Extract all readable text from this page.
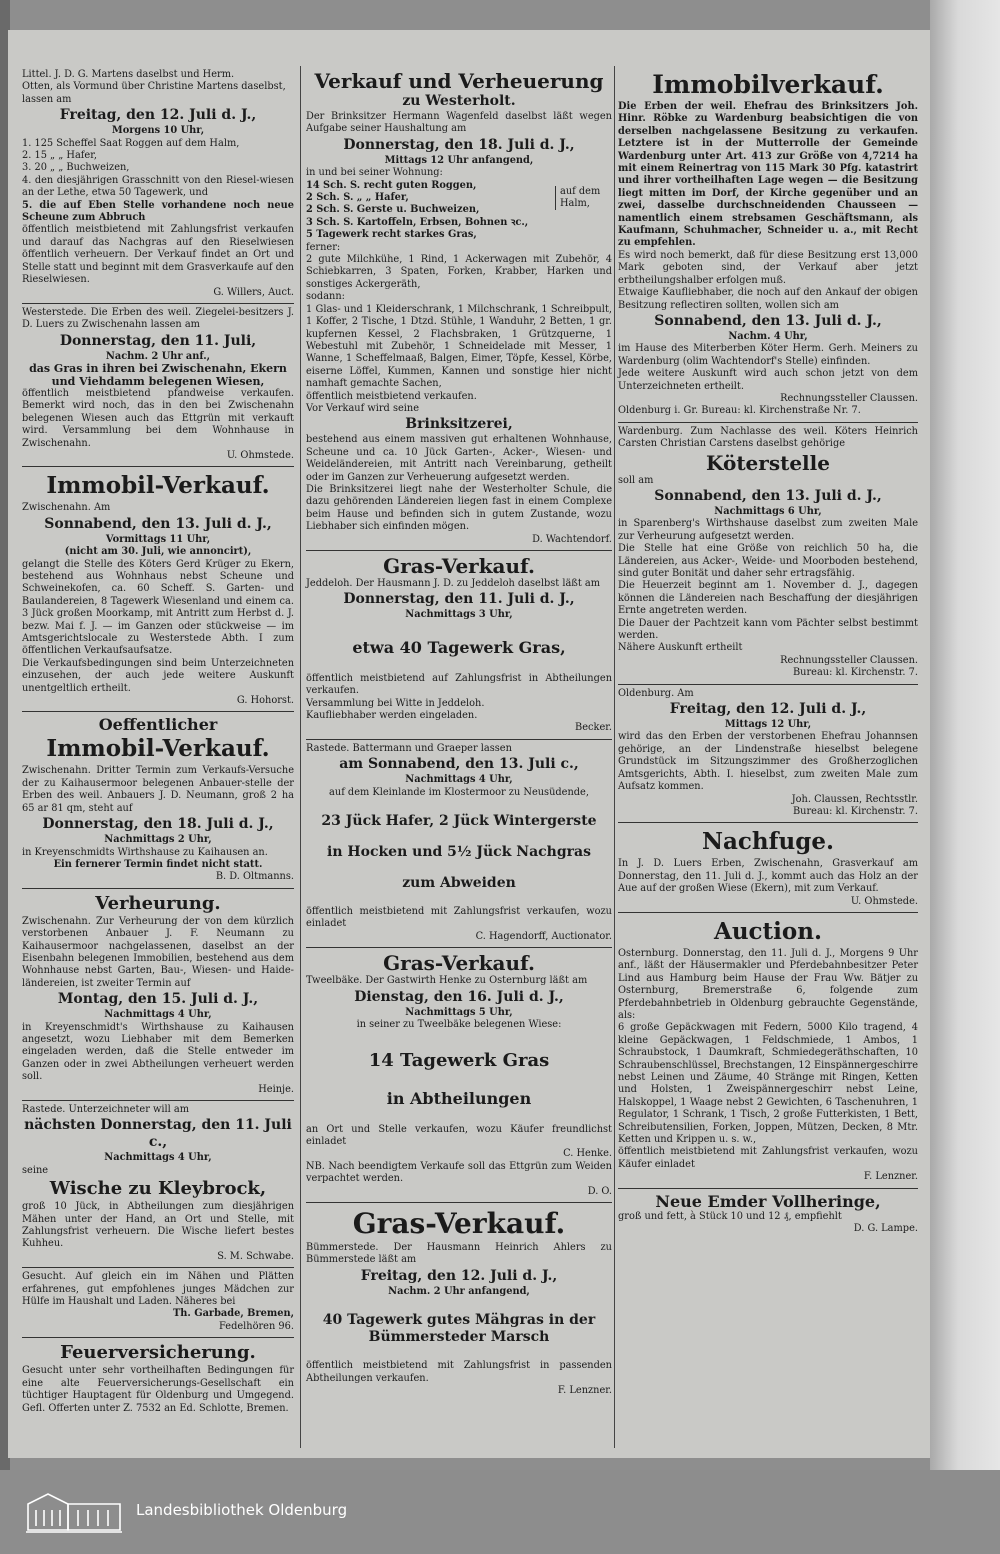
Littel. J. D. G. Martens daselbst und Herm.

Otten, als Vormund über Christine Martens daselbst,

lassen am

Freitag, den 12. Juli d. J.,

Morgens 10 Uhr,

1. 125 Scheffel Saat Roggen auf dem Halm,

2. 15 „ „ Hafer,

3. 20 „ „ Buchweizen,

4. den diesjährigen Grasschnitt von den Riesel-wiesen an der Lethe, etwa 50 Tagewerk, und

5. die auf Eben Stelle vorhandene noch neue Scheune zum Abbruch

öffentlich meistbietend mit Zahlungsfrist verkaufen und darauf das Nachgras auf den Rieselwiesen öffentlich verheuern. Der Verkauf findet an Ort und Stelle statt und beginnt mit dem Grasverkaufe auf den Rieselwiesen.

G. Willers, Auct.

Westerstede. Die Erben des weil. Ziegelei-besitzers J. D. Luers zu Zwischenahn lassen am

Donnerstag, den 11. Juli,

Nachm. 2 Uhr anf.,

das Gras in ihren bei Zwischenahn, Ekern und Viehdamm belegenen Wiesen,

öffentlich meistbietend pfandweise verkaufen. Bemerkt wird noch, das in den bei Zwischenahn belegenen Wiesen auch das Ettgrün mit verkauft wird. Versammlung bei dem Wohnhause in Zwischenahn.

U. Ohmstede.

Immobil-Verkauf.

Zwischenahn. Am

Sonnabend, den 13. Juli d. J.,

Vormittags 11 Uhr,

(nicht am 30. Juli, wie annoncirt),

gelangt die Stelle des Köters Gerd Krüger zu Ekern, bestehend aus Wohnhaus nebst Scheune und Schweinekofen, ca. 60 Scheff. S. Garten- und Baulandereien, 8 Tagewerk Wiesenland und einem ca. 3 Jück großen Moorkamp, mit Antritt zum Herbst d. J. bezw. Mai f. J. — im Ganzen oder stückweise — im Amtsgerichtslocale zu Westerstede Abth. I zum öffentlichen Verkaufsaufsatze.

Die Verkaufsbedingungen sind beim Unterzeichneten einzusehen, der auch jede weitere Auskunft unentgeltlich ertheilt.

G. Hohorst.

Oeffentlicher

Immobil-Verkauf.

Zwischenahn. Dritter Termin zum Verkaufs-Versuche der zu Kaihausermoor belegenen Anbauer-stelle der Erben des weil. Anbauers J. D. Neumann, groß 2 ha 65 ar 81 qm, steht auf

Donnerstag, den 18. Juli d. J.,

Nachmittags 2 Uhr,

in Kreyenschmidts Wirthshause zu Kaihausen an.

Ein fernerer Termin findet nicht statt.

B. D. Oltmanns.

Verheurung.

Zwischenahn. Zur Verheurung der von dem kürzlich verstorbenen Anbauer J. F. Neumann zu Kaihausermoor nachgelassenen, daselbst an der Eisenbahn belegenen Immobilien, bestehend aus dem Wohnhause nebst Garten, Bau-, Wiesen- und Haide-ländereien, ist zweiter Termin auf

Montag, den 15. Juli d. J.,

Nachmittags 4 Uhr,

in Kreyenschmidt's Wirthshause zu Kaihausen angesetzt, wozu Liebhaber mit dem Bemerken eingeladen werden, daß die Stelle entweder im Ganzen oder in zwei Abtheilungen verheuert werden soll.

Heinje.

Rastede. Unterzeichneter will am

nächsten Donnerstag, den 11. Juli c.,

Nachmittags 4 Uhr,

seine

Wische zu Kleybrock,

groß 10 Jück, in Abtheilungen zum diesjährigen Mähen unter der Hand, an Ort und Stelle, mit Zahlungsfrist verheuern. Die Wische liefert bestes Kuhheu.

S. M. Schwabe.

Gesucht. Auf gleich ein im Nähen und Plätten erfahrenes, gut empfohlenes junges Mädchen zur Hülfe im Haushalt und Laden. Näheres bei

Th. Garbade, Bremen,

Fedelhören 96.

Feuerversicherung.

Gesucht unter sehr vortheilhaften Bedingungen für eine alte Feuerversicherungs-Gesellschaft ein tüchtiger Hauptagent für Oldenburg und Umgegend. Gefl. Offerten unter Z. 7532 an Ed. Schlotte, Bremen.

Verkauf und Verheuerung

zu Westerholt.

Der Brinksitzer Hermann Wagenfeld daselbst läßt wegen Aufgabe seiner Haushaltung am

Donnerstag, den 18. Juli d. J.,

Mittags 12 Uhr anfangend,

in und bei seiner Wohnung:

14 Sch. S. recht guten Roggen,

2 Sch. S. „ „ Hafer,

2 Sch. S. Gerste u. Buchweizen,

auf dem Halm,

3 Sch. S. Kartoffeln, Erbsen, Bohnen ꝛc.,

5 Tagewerk recht starkes Gras,

ferner:

2 gute Milchkühe, 1 Rind, 1 Ackerwagen mit Zubehör, 4 Schiebkarren, 3 Spaten, Forken, Krabber, Harken und sonstiges Ackergeräth,

sodann:

1 Glas- und 1 Kleiderschrank, 1 Milchschrank, 1 Schreibpult, 1 Koffer, 2 Tische, 1 Dtzd. Stühle, 1 Wanduhr, 2 Betten, 1 gr. kupfernen Kessel, 2 Flachsbraken, 1 Grützquerne, 1 Webestuhl mit Zubehör, 1 Schneidelade mit Messer, 1 Wanne, 1 Scheffelmaaß, Balgen, Eimer, Töpfe, Kessel, Körbe, eiserne Löffel, Kummen, Kannen und sonstige hier nicht namhaft gemachte Sachen,

öffentlich meistbietend verkaufen.

Vor Verkauf wird seine

Brinksitzerei,

bestehend aus einem massiven gut erhaltenen Wohnhause, Scheune und ca. 10 Jück Garten-, Acker-, Wiesen- und Weideländereien, mit Antritt nach Vereinbarung, getheilt oder im Ganzen zur Verheuerung aufgesetzt werden.

Die Brinksitzerei liegt nahe der Westerholter Schule, die dazu gehörenden Ländereien liegen fast in einem Complexe beim Hause und befinden sich in gutem Zustande, wozu Liebhaber sich einfinden mögen.

D. Wachtendorf.

Gras-Verkauf.

Jeddeloh. Der Hausmann J. D. zu Jeddeloh daselbst läßt am

Donnerstag, den 11. Juli d. J.,

Nachmittags 3 Uhr,

etwa 40 Tagewerk Gras,

öffentlich meistbietend auf Zahlungsfrist in Abtheilungen verkaufen.

Versammlung bei Witte in Jeddeloh.

Kaufliebhaber werden eingeladen.

Becker.

Rastede. Battermann und Graeper lassen

am Sonnabend, den 13. Juli c.,

Nachmittags 4 Uhr,

auf dem Kleinlande im Klostermoor zu Neusüdende,

23 Jück Hafer, 2 Jück Wintergerste

in Hocken und 5½ Jück Nachgras

zum Abweiden

öffentlich meistbietend mit Zahlungsfrist verkaufen, wozu einladet

C. Hagendorff, Auctionator.

Gras-Verkauf.

Tweelbäke. Der Gastwirth Henke zu Osternburg läßt am

Dienstag, den 16. Juli d. J.,

Nachmittags 5 Uhr,

in seiner zu Tweelbäke belegenen Wiese:

14 Tagewerk Gras

in Abtheilungen

an Ort und Stelle verkaufen, wozu Käufer freundlichst einladet

C. Henke.

NB. Nach beendigtem Verkaufe soll das Ettgrün zum Weiden verpachtet werden.

D. O.

Gras-Verkauf.

Bümmerstede. Der Hausmann Heinrich Ahlers zu Bümmerstede läßt am

Freitag, den 12. Juli d. J.,

Nachm. 2 Uhr anfangend,

40 Tagewerk gutes Mähgras in der Bümmersteder Marsch

öffentlich meistbietend mit Zahlungsfrist in passenden Abtheilungen verkaufen.

F. Lenzner.

Immobilverkauf.

Die Erben der weil. Ehefrau des Brinksitzers Joh. Hinr. Röbke zu Wardenburg beabsichtigen die von derselben nachgelassene Besitzung zu verkaufen. Letztere ist in der Mutterrolle der Gemeinde Wardenburg unter Art. 413 zur Größe von 4,7214 ha mit einem Reinertrag von 115 Mark 30 Pfg. katastrirt und ihrer vortheilhaften Lage wegen — die Besitzung liegt mitten im Dorf, der Kirche gegenüber und an zwei, dasselbe durchschneidenden Chausseen — namentlich einem strebsamen Geschäftsmann, als Kaufmann, Schuhmacher, Schneider u. a., mit Recht zu empfehlen.

Es wird noch bemerkt, daß für diese Besitzung erst 13,000 Mark geboten sind, der Verkauf aber jetzt erbtheilungshalber erfolgen muß.

Etwaige Kaufliebhaber, die noch auf den Ankauf der obigen Besitzung reflectiren sollten, wollen sich am

Sonnabend, den 13. Juli d. J.,

Nachm. 4 Uhr,

im Hause des Miterberben Köter Herm. Gerh. Meiners zu Wardenburg (olim Wachtendorf's Stelle) einfinden.

Jede weitere Auskunft wird auch schon jetzt von dem Unterzeichneten ertheilt.

Rechnungssteller Claussen.

Oldenburg i. Gr. Bureau: kl. Kirchenstraße Nr. 7.

Wardenburg. Zum Nachlasse des weil. Köters Heinrich Carsten Christian Carstens daselbst gehörige

Köterstelle

soll am

Sonnabend, den 13. Juli d. J.,

Nachmittags 6 Uhr,

in Sparenberg's Wirthshause daselbst zum zweiten Male zur Verheurung aufgesetzt werden.

Die Stelle hat eine Größe von reichlich 50 ha, die Ländereien, aus Acker-, Weide- und Moorboden bestehend, sind guter Bonität und daher sehr ertragsfähig.

Die Heuerzeit beginnt am 1. November d. J., dagegen können die Ländereien nach Beschaffung der diesjährigen Ernte angetreten werden.

Die Dauer der Pachtzeit kann vom Pächter selbst bestimmt werden.

Nähere Auskunft ertheilt

Rechnungssteller Claussen.

Bureau: kl. Kirchenstr. 7.

Oldenburg. Am

Freitag, den 12. Juli d. J.,

Mittags 12 Uhr,

wird das den Erben der verstorbenen Ehefrau Johannsen gehörige, an der Lindenstraße hieselbst belegene Grundstück im Sitzungszimmer des Großherzoglichen Amtsgerichts, Abth. I. hieselbst, zum zweiten Male zum Aufsatz kommen.

Joh. Claussen, Rechtsstlr.

Bureau: kl. Kirchenstr. 7.

Nachfuge.

In J. D. Luers Erben, Zwischenahn, Grasverkauf am Donnerstag, den 11. Juli d. J., kommt auch das Holz an der Aue auf der großen Wiese (Ekern), mit zum Verkauf.

U. Ohmstede.

Auction.

Osternburg. Donnerstag, den 11. Juli d. J., Morgens 9 Uhr anf., läßt der Häusermakler und Pferdebahnbesitzer Peter Lind aus Hamburg beim Hause der Frau Ww. Bätjer zu Osternburg, Bremerstraße 6, folgende zum Pferdebahnbetrieb in Oldenburg gebrauchte Gegenstände, als:

6 große Gepäckwagen mit Federn, 5000 Kilo tragend, 4 kleine Gepäckwagen, 1 Feldschmiede, 1 Ambos, 1 Schraubstock, 1 Daumkraft, Schmiedegeräthschaften, 10 Schraubenschlüssel, Brechstangen, 12 Einspännergeschirre nebst Leinen und Zäume, 40 Stränge mit Ringen, Ketten und Holsten, 1 Zweispännergeschirr nebst Leine, Halskoppel, 1 Waage nebst 2 Gewichten, 6 Taschenuhren, 1 Regulator, 1 Schrank, 1 Tisch, 2 große Futterkisten, 1 Bett, Schreibutensilien, Forken, Joppen, Mützen, Decken, 8 Mtr. Ketten und Krippen u. s. w.,

öffentlich meistbietend mit Zahlungsfrist verkaufen, wozu Käufer einladet

F. Lenzner.

Neue Emder Vollheringe,

groß und fett, à Stück 10 und 12 ₰, empfiehlt

D. G. Lampe.

Landesbibliothek Oldenburg
